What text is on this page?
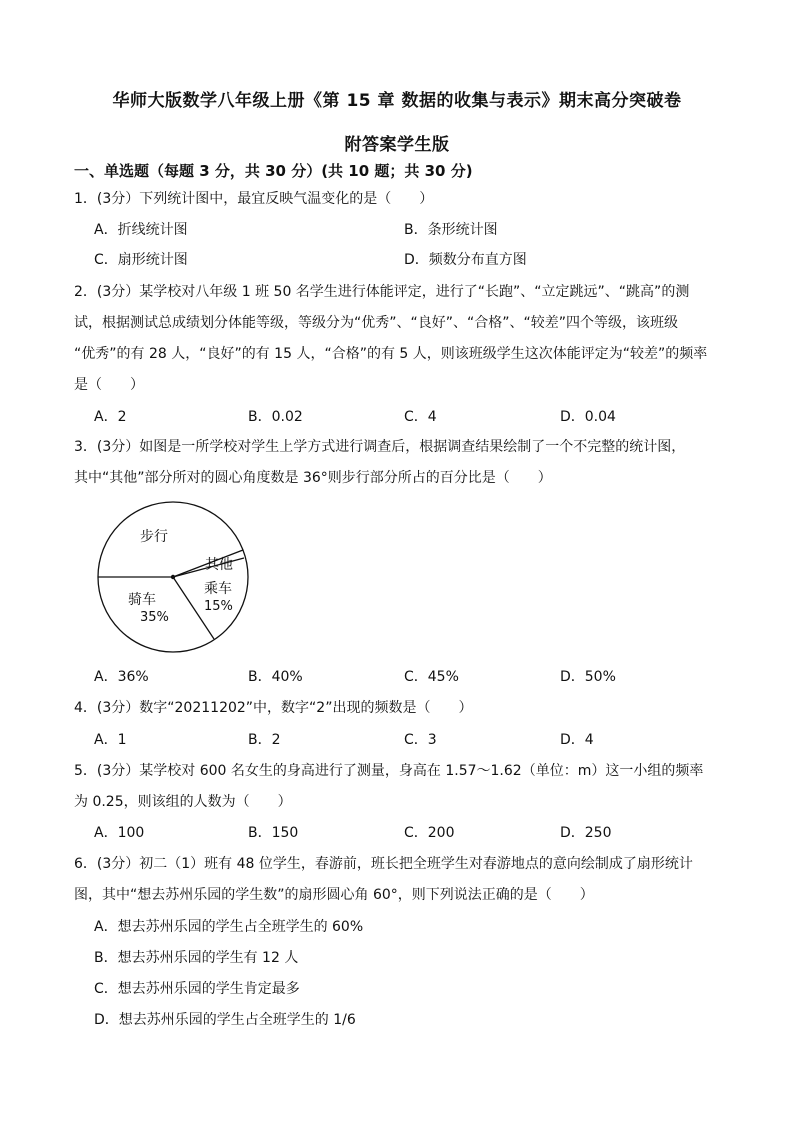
华师大版数学八年级上册《第 15 章 数据的收集与表示》期末高分突破卷
附答案学生版
一、单选题（每题 3 分，共 30 分）(共 10 题；共 30 分)
1．(3分）下列统计图中，最宜反映气温变化的是（　　）
A．折线统计图	B．条形统计图
C．扇形统计图	D．频数分布直方图
2．(3分）某学校对八年级 1 班 50 名学生进行体能评定，进行了“长跑”、“立定跳远”、“跳高”的测
试，根据测试总成绩划分体能等级，等级分为“优秀”、“良好”、“合格”、“较差”四个等级，该班级
“优秀”的有 28 人，“良好”的有 15 人，“合格”的有 5 人，则该班级学生这次体能评定为“较差”的频率
是（　　）
A．2	B．0.02	C．4	D．0.04
3．(3分）如图是一所学校对学生上学方式进行调查后，根据调查结果绘制了一个不完整的统计图，
其中“其他”部分所对的圆心角度数是 36°则步行部分所占的百分比是（　　）
步行
其他
乘车
15%
骑车
35%
A．36%	B．40%	C．45%	D．50%
4．(3分）数字“20211202”中，数字“2”出现的频数是（　　）
A．1	B．2	C．3	D．4
5．(3分）某学校对 600 名女生的身高进行了测量，身高在 1.57～1.62（单位：m）这一小组的频率
为 0.25，则该组的人数为（　　）
A．100	B．150	C．200	D．250
6．(3分）初二（1）班有 48 位学生，春游前，班长把全班学生对春游地点的意向绘制成了扇形统计
图，其中“想去苏州乐园的学生数”的扇形圆心角 60°，则下列说法正确的是（　　）
A．想去苏州乐园的学生占全班学生的 60%
B．想去苏州乐园的学生有 12 人
C．想去苏州乐园的学生肯定最多
D．想去苏州乐园的学生占全班学生的 1/6
